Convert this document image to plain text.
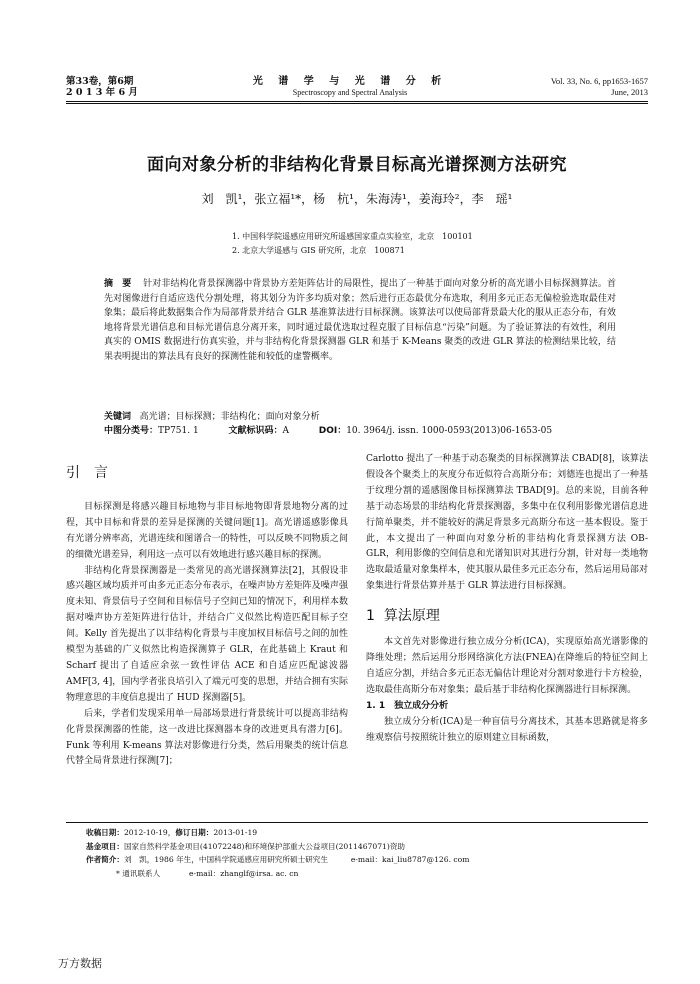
第33卷，第6期
2 0 1 3 年 6 月
光 谱 学 与 光 谱 分 析
Spectroscopy and Spectral Analysis
Vol. 33, No. 6, pp1653-1657
June, 2013
面向对象分析的非结构化背景目标高光谱探测方法研究
刘　凯¹，张立福¹*，杨　杭¹，朱海涛¹，姜海玲²，李　瑶¹
1. 中国科学院遥感应用研究所遥感国家重点实验室，北京　100101
2. 北京大学遥感与 GIS 研究所，北京　100871
摘　要 针对非结构化背景探测器中背景协方差矩阵估计的局限性，提出了一种基于面向对象分析的高光谱小目标探测算法。首先对图像进行自适应迭代分割处理，将其划分为许多均质对象；然后进行正态最优分布选取，利用多元正态无偏检验选取最佳对象集；最后将此数据集合作为局部背景并结合 GLR 基准算法进行目标探测。该算法可以使局部背景最大化的服从正态分布，有效地将背景光谱信息和目标光谱信息分离开来，同时通过最优选取过程克服了目标信息“污染”问题。为了验证算法的有效性，利用真实的 OMIS 数据进行仿真实验，并与非结构化背景探测器 GLR 和基于 K-Means 聚类的改进 GLR 算法的检测结果比较，结果表明提出的算法具有良好的探测性能和较低的虚警概率。
关键词 高光谱；目标探测；非结构化；面向对象分析
中图分类号：TP751. 1	文献标识码：A	DOI：10. 3964/j. issn. 1000-0593(2013)06-1653-05
引　言
目标探测是将感兴趣目标地物与非目标地物即背景地物分离的过程，其中目标和背景的差异是探测的关键问题[1]。高光谱遥感影像具有光谱分辨率高，光谱连续和图谱合一的特性，可以反映不同物质之间的细微光谱差异，利用这一点可以有效地进行感兴趣目标的探测。
非结构化背景探测器是一类常见的高光谱探测算法[2]，其假设非感兴趣区域均质并可由多元正态分布表示，在噪声协方差矩阵及噪声强度未知、背景信号子空间和目标信号子空间已知的情况下，利用样本数据对噪声协方差矩阵进行估计，并结合广义似然比构造匹配目标子空间。Kelly 首先提出了以非结构化背景与丰度加权目标信号之间的加性模型为基础的广义似然比构造探测算子 GLR，在此基础上 Kraut 和 Scharf 提出了自适应余弦一致性评估 ACE 和自适应匹配滤波器 AMF[3, 4]，国内学者张良培引入了端元可变的思想，并结合拥有实际物理意思的丰度信息提出了 HUD 探测器[5]。
后来，学者们发现采用单一局部场景进行背景统计可以提高非结构化背景探测器的性能，这一改进比探测器本身的改进更具有潜力[6]。Funk 等利用 K-means 算法对影像进行分类，然后用聚类的统计信息代替全局背景进行探测[7]；
Carlotto 提出了一种基于动态聚类的目标探测算法 CBAD[8]，该算法假设各个聚类上的灰度分布近似符合高斯分布；刘德连也提出了一种基于纹理分割的遥感图像目标探测算法 TBAD[9]。总的来说，目前各种基于动态场景的非结构化背景探测器，多集中在仅利用影像光谱信息进行简单聚类，并不能较好的满足背景多元高斯分布这一基本假设。鉴于此，本文提出了一种面向对象分析的非结构化背景探测方法 OB-GLR，利用影像的空间信息和光谱知识对其进行分割，针对每一类地物选取最适量对象集样本，使其服从最佳多元正态分布，然后运用局部对象集进行背景估算并基于 GLR 算法进行目标探测。
1 算法原理
本文首先对影像进行独立成分分析(ICA)，实现原始高光谱影像的降维处理；然后运用分形网络演化方法(FNEA)在降维后的特征空间上自适应分割，并结合多元正态无偏估计理论对分割对象进行卡方检验，选取最佳高斯分布对象集；最后基于非结构化探测器进行目标探测。
1. 1　独立成分分析
独立成分分析(ICA)是一种盲信号分离技术，其基本思路就是将多维观察信号按照统计独立的原则建立目标函数，
收稿日期：2012-10-19，修订日期：2013-01-19
基金项目：国家自然科学基金项目(41072248)和环境保护部重大公益项目(2011467071)资助
作者简介：刘　凯，1986 年生，中国科学院遥感应用研究所硕士研究生	e-mail：kai_liu8787@126. com
* 通讯联系人	e-mail：zhanglf@irsa. ac. cn
万方数据
